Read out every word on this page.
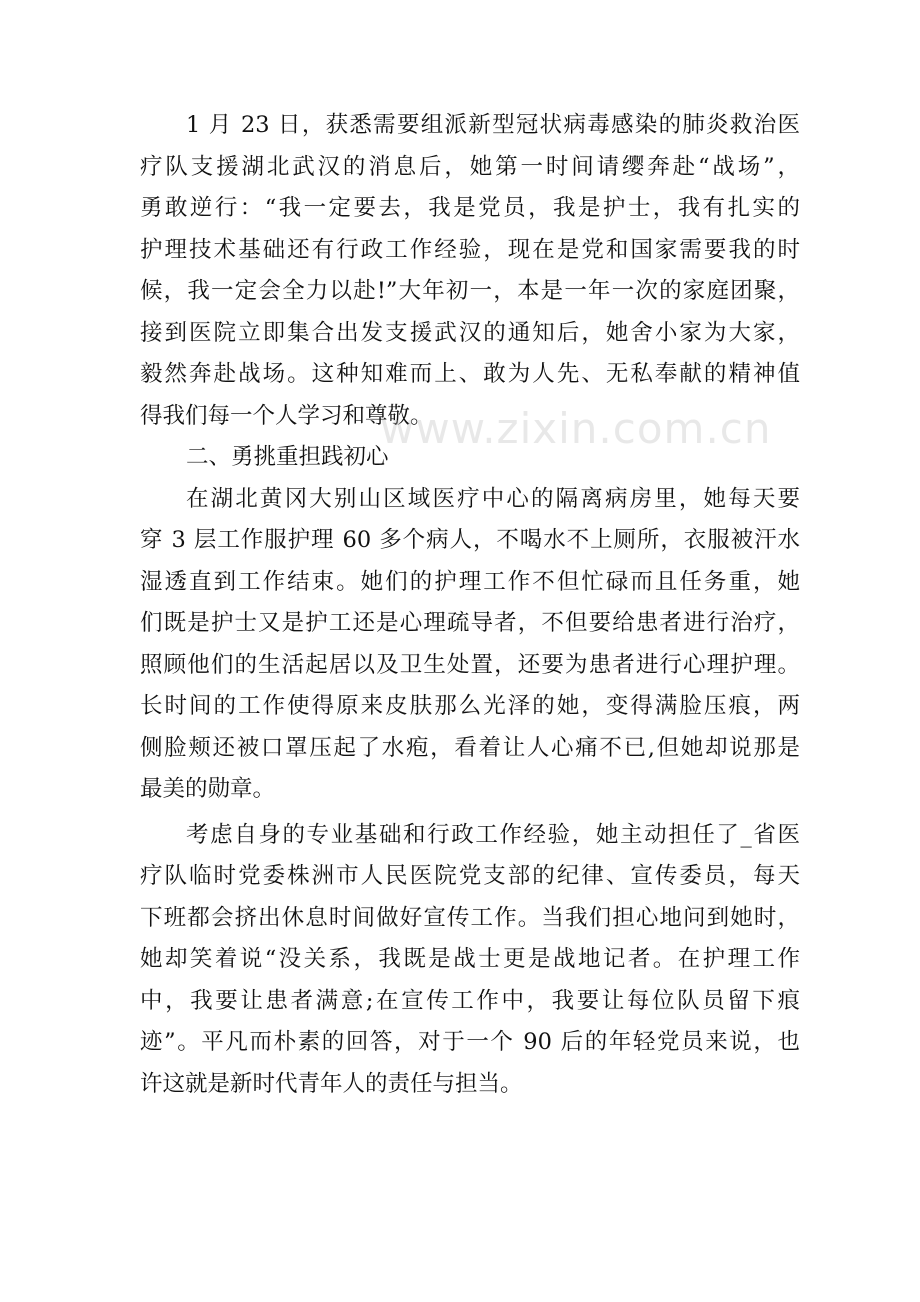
1 月 23 日，获悉需要组派新型冠状病毒感染的肺炎救治医
疗队支援湖北武汉的消息后，她第一时间请缨奔赴“战场”，
勇敢逆行：“我一定要去，我是党员，我是护士，我有扎实的
护理技术基础还有行政工作经验，现在是党和国家需要我的时
候，我一定会全力以赴!”大年初一，本是一年一次的家庭团聚，
接到医院立即集合出发支援武汉的通知后，她舍小家为大家，
毅然奔赴战场。这种知难而上、敢为人先、无私奉献的精神值
得我们每一个人学习和尊敬。
二、勇挑重担践初心
在湖北黄冈大别山区域医疗中心的隔离病房里，她每天要
穿 3 层工作服护理 60 多个病人，不喝水不上厕所，衣服被汗水
湿透直到工作结束。她们的护理工作不但忙碌而且任务重，她
们既是护士又是护工还是心理疏导者，不但要给患者进行治疗，
照顾他们的生活起居以及卫生处置，还要为患者进行心理护理。
长时间的工作使得原来皮肤那么光泽的她，变得满脸压痕，两
侧脸颊还被口罩压起了水疱，看着让人心痛不已,但她却说那是
最美的勋章。
考虑自身的专业基础和行政工作经验，她主动担任了_省医
疗队临时党委株洲市人民医院党支部的纪律、宣传委员，每天
下班都会挤出休息时间做好宣传工作。当我们担心地问到她时，
她却笑着说“没关系，我既是战士更是战地记者。在护理工作
中，我要让患者满意;在宣传工作中，我要让每位队员留下痕
迹”。平凡而朴素的回答，对于一个 90 后的年轻党员来说，也
许这就是新时代青年人的责任与担当。
www.zixin.com.cn
